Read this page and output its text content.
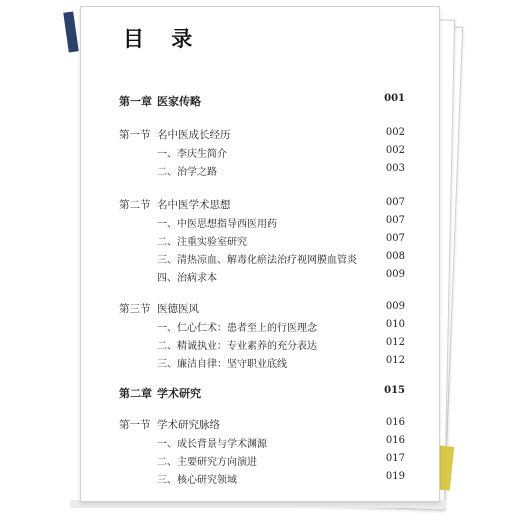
目 录
第一章 医家传略	001
第一节 名中医成长经历	002
一、李庆生简介	002
二、治学之路	003
第二节 名中医学术思想	007
一、中医思想指导西医用药	007
二、注重实验室研究	007
三、清热凉血、解毒化瘀法治疗视网膜血管炎	008
四、治病求本	009
第三节 医德医风	009
一、仁心仁术：患者至上的行医理念	010
二、精诚执业：专业素养的充分表达	012
三、廉洁自律：坚守职业底线	012
第二章 学术研究	015
第一节 学术研究脉络	016
一、成长背景与学术渊源	016
二、主要研究方向演进	017
三、核心研究领域	019
